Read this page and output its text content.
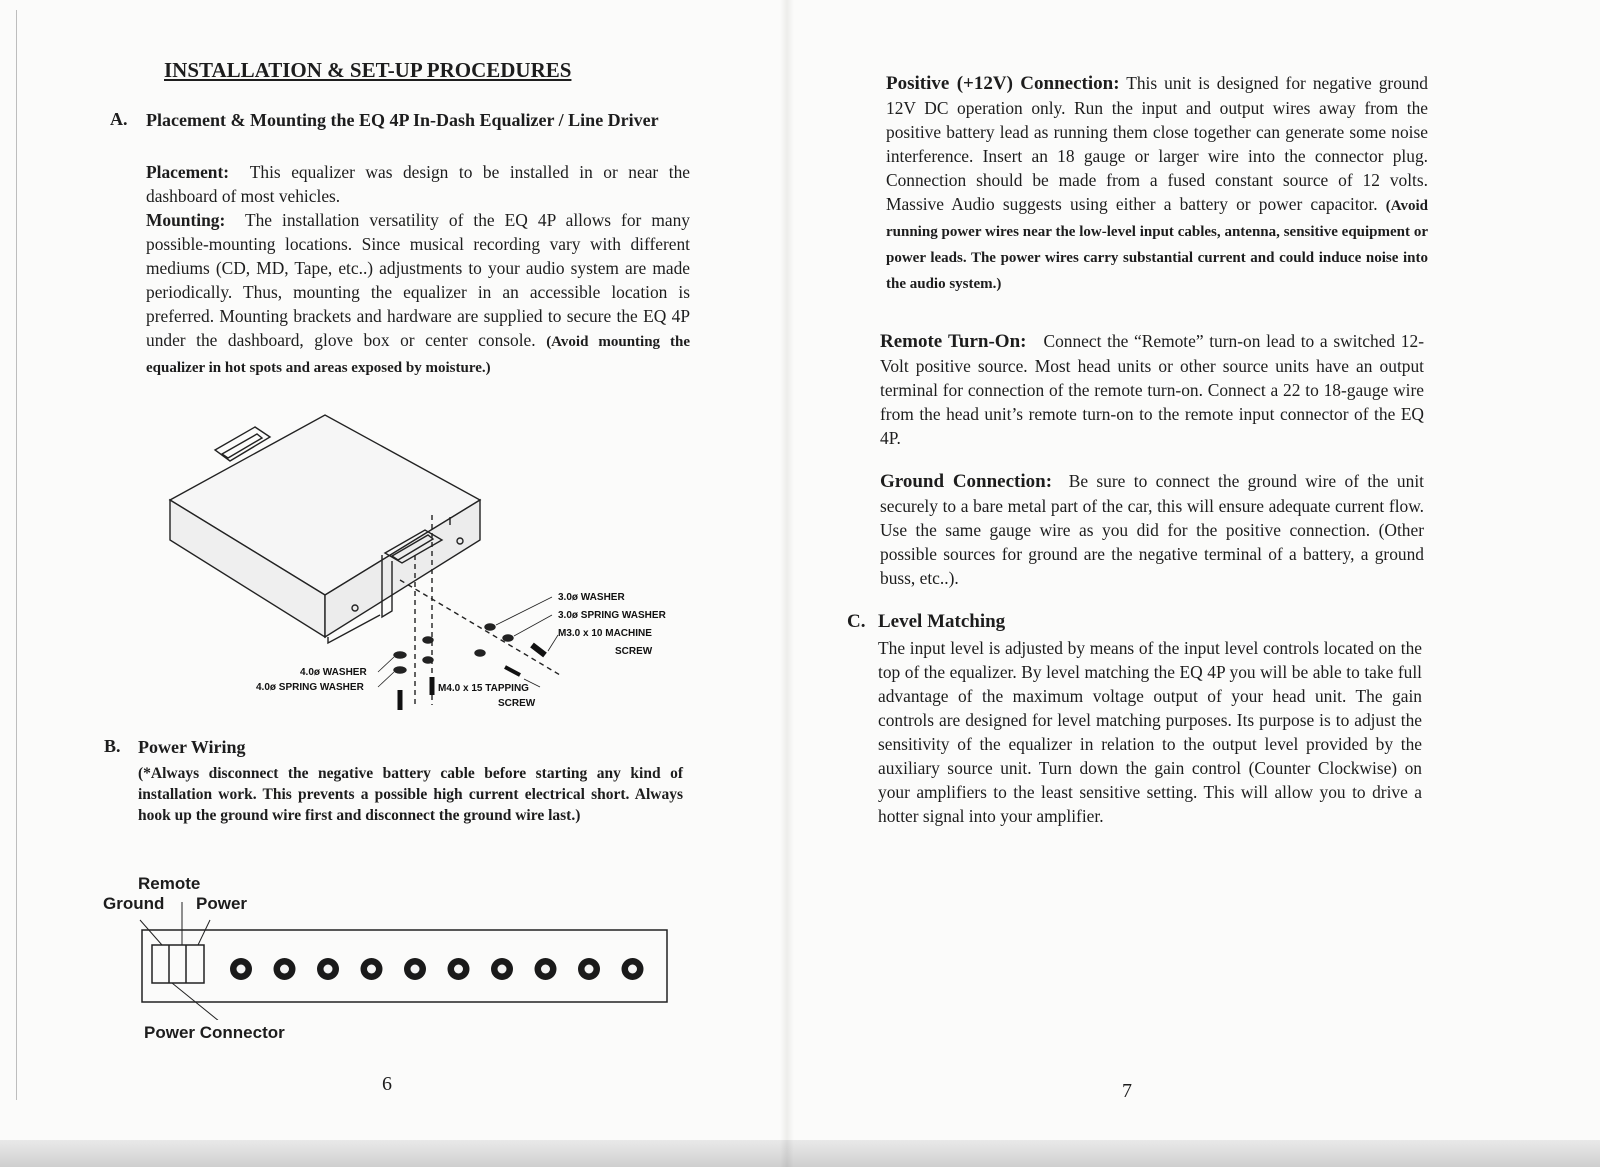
INSTALLATION & SET-UP PROCEDURES
A. Placement & Mounting the EQ 4P In-Dash Equalizer / Line Driver
Placement: This equalizer was design to be installed in or near the dashboard of most vehicles.
Mounting: The installation versatility of the EQ 4P allows for many possible-mounting locations. Since musical recording vary with different mediums (CD, MD, Tape, etc..) adjustments to your audio system are made periodically. Thus, mounting the equalizer in an accessible location is preferred. Mounting brackets and hardware are supplied to secure the EQ 4P under the dashboard, glove box or center console. (Avoid mounting the equalizer in hot spots and areas exposed by moisture.)
3.0ø WASHER
3.0ø SPRING WASHER
M3.0 x 10 MACHINE
SCREW
4.0ø WASHER
4.0ø SPRING WASHER	M4.0 x 15 TAPPING
SCREW
B. Power Wiring
(*Always disconnect the negative battery cable before starting any kind of installation work. This prevents a possible high current electrical short. Always hook up the ground wire first and disconnect the ground wire last.)
Remote
Ground Power
Power Connector
6
Positive (+12V) Connection: This unit is designed for negative ground 12V DC operation only. Run the input and output wires away from the positive battery lead as running them close together can generate some noise interference. Insert an 18 gauge or larger wire into the connector plug. Connection should be made from a fused constant source of 12 volts. Massive Audio suggests using either a battery or power capacitor. (Avoid running power wires near the low-level input cables, antenna, sensitive equipment or power leads. The power wires carry substantial current and could induce noise into the audio system.)
Remote Turn-On: Connect the “Remote” turn-on lead to a switched 12-Volt positive source. Most head units or other source units have an output terminal for connection of the remote turn-on. Connect a 22 to 18-gauge wire from the head unit’s remote turn-on to the remote input connector of the EQ 4P.
Ground Connection: Be sure to connect the ground wire of the unit securely to a bare metal part of the car, this will ensure adequate current flow. Use the same gauge wire as you did for the positive connection. (Other possible sources for ground are the negative terminal of a battery, a ground buss, etc..).
C. Level Matching
The input level is adjusted by means of the input level controls located on the top of the equalizer. By level matching the EQ 4P you will be able to take full advantage of the maximum voltage output of your head unit. The gain controls are designed for level matching purposes. Its purpose is to adjust the sensitivity of the equalizer in relation to the output level provided by the auxiliary source unit. Turn down the gain control (Counter Clockwise) on your amplifiers to the least sensitive setting. This will allow you to drive a hotter signal into your amplifier.
7
